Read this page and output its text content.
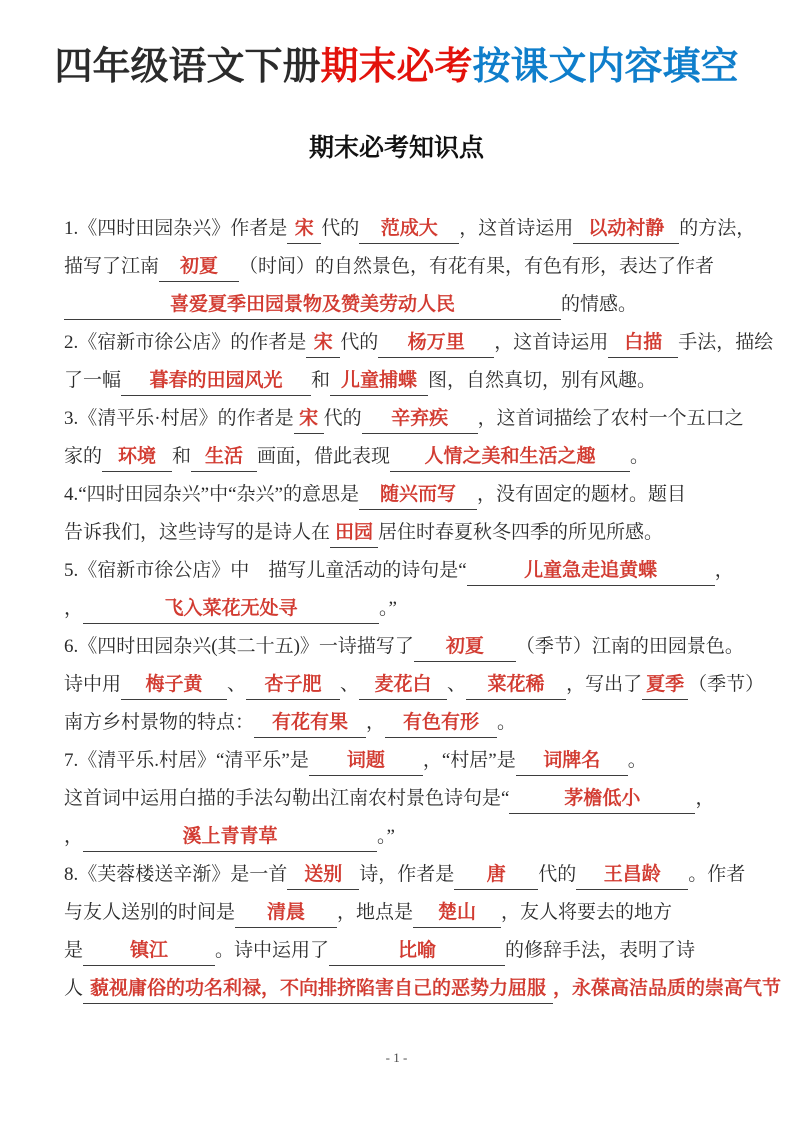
四年级语文下册期末必考按课文内容填空
期末必考知识点
1.《四时田园杂兴》作者是 宋 代的 范成大 ，这首诗运用 以动衬静 的方法，
描写了江南 初夏 （时间）的自然景色，有花有果，有色有形，表达了作者
喜爱夏季田园景物及赞美劳动人民	的情感。
2.《宿新市徐公店》的作者是 宋 代的 杨万里 ，这首诗运用 白描 手法，描绘
了一幅 暮春的田园风光 和 儿童捕蝶 图，自然真切，别有风趣。
3.《清平乐·村居》的作者是 宋 代的 辛弃疾 ，这首词描绘了农村一个五口之
家的 环境 和 生活 画面，借此表现 人情之美和生活之趣 。
4.“四时田园杂兴”中“杂兴”的意思是 随兴而写 ，没有固定的题材。题目
告诉我们，这些诗写的是诗人在 田园 居住时春夏秋冬四季的所见所感。
5.《宿新市徐公店》中　描写儿童活动的诗句是“	儿童急走追黄蝶	，
，	飞入菜花无处寻	。”
6.《四时田园杂兴(其二十五)》一诗描写了 初夏 （季节）江南的田园景色。
诗中用 梅子黄 、 杏子肥 、 麦花白 、 菜花稀 ，写出了 夏季 （季节）
南方乡村景物的特点： 有花有果 ， 有色有形 。
7.《清平乐.村居》“清平乐”是 词题 ，“村居”是 词牌名 。
这首词中运用白描的手法勾勒出江南农村景色诗句是“	茅檐低小	，
，	溪上青青草	。”
8.《芙蓉楼送辛渐》是一首 送别 诗，作者是 唐 代的 王昌龄 。作者
与友人送别的时间是 清晨 ，地点是 楚山 ，友人将要去的地方
是 镇江 。诗中运用了	比喻	的修辞手法，表明了诗
人 藐视庸俗的功名利禄，不向排挤陷害自己的恶势力屈服 ，永葆高洁品质的崇高气节
- 1 -
